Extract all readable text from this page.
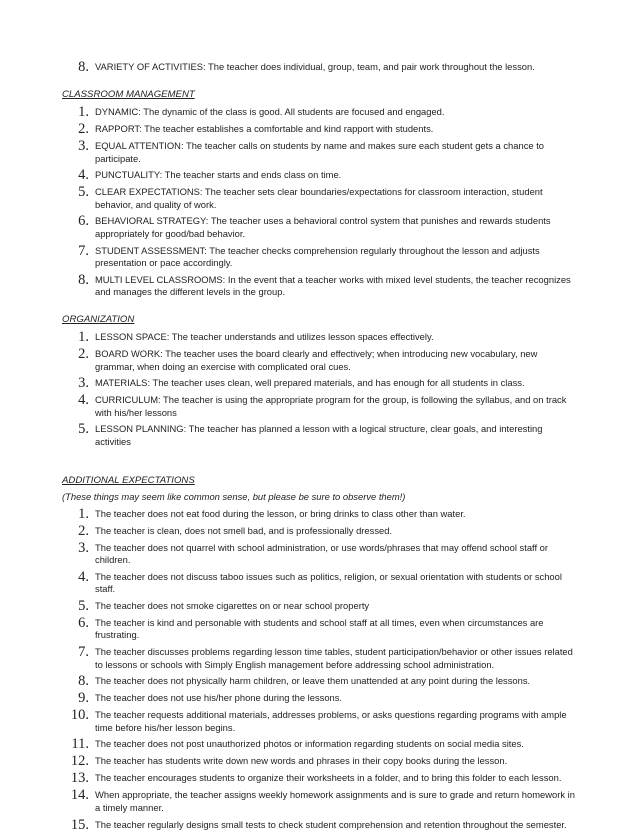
8. VARIETY OF ACTIVITIES: The teacher does individual, group, team, and pair work throughout the lesson.
CLASSROOM MANAGEMENT
1. DYNAMIC: The dynamic of the class is good. All students are focused and engaged.
2. RAPPORT: The teacher establishes a comfortable and kind rapport with students.
3. EQUAL ATTENTION: The teacher calls on students by name and makes sure each student gets a chance to participate.
4. PUNCTUALITY: The teacher starts and ends class on time.
5. CLEAR EXPECTATIONS: The teacher sets clear boundaries/expectations for classroom interaction, student behavior, and quality of work.
6. BEHAVIORAL STRATEGY: The teacher uses a behavioral control system that punishes and rewards students appropriately for good/bad behavior.
7. STUDENT ASSESSMENT: The teacher checks comprehension regularly throughout the lesson and adjusts presentation or pace accordingly.
8. MULTI LEVEL CLASSROOMS: In the event that a teacher works with mixed level students, the teacher recognizes and manages the different levels in the group.
ORGANIZATION
1. LESSON SPACE: The teacher understands and utilizes lesson spaces effectively.
2. BOARD WORK: The teacher uses the board clearly and effectively; when introducing new vocabulary, new grammar, when doing an exercise with complicated oral cues.
3. MATERIALS: The teacher uses clean, well prepared materials, and has enough for all students in class.
4. CURRICULUM: The teacher is using the appropriate program for the group, is following the syllabus, and on track with his/her lessons
5. LESSON PLANNING: The teacher has planned a lesson with a logical structure, clear goals, and interesting activities
ADDITIONAL EXPECTATIONS
(These things may seem like common sense, but please be sure to observe them!)
1. The teacher does not eat food during the lesson, or bring drinks to class other than water.
2. The teacher is clean, does not smell bad, and is professionally dressed.
3. The teacher does not quarrel with school administration, or use words/phrases that may offend school staff or children.
4. The teacher does not discuss taboo issues such as politics, religion, or sexual orientation with students or school staff.
5. The teacher does not smoke cigarettes on or near school property
6. The teacher is kind and personable with students and school staff at all times, even when circumstances are frustrating.
7. The teacher discusses problems regarding lesson time tables, student participation/behavior or other issues related to lessons or schools with Simply English management before addressing school administration.
8. The teacher does not physically harm children, or leave them unattended at any point during the lessons.
9. The teacher does not use his/her phone during the lessons.
10. The teacher requests additional materials, addresses problems, or asks questions regarding programs with ample time before his/her lesson begins.
11. The teacher does not post unauthorized photos or information regarding students on social media sites.
12. The teacher has students write down new words and phrases in their copy books during the lesson.
13. The teacher encourages students to organize their worksheets in a folder, and to bring this folder to each lesson.
14. When appropriate, the teacher assigns weekly homework assignments and is sure to grade and return homework in a timely manner.
15. The teacher regularly designs small tests to check student comprehension and retention throughout the semester.
